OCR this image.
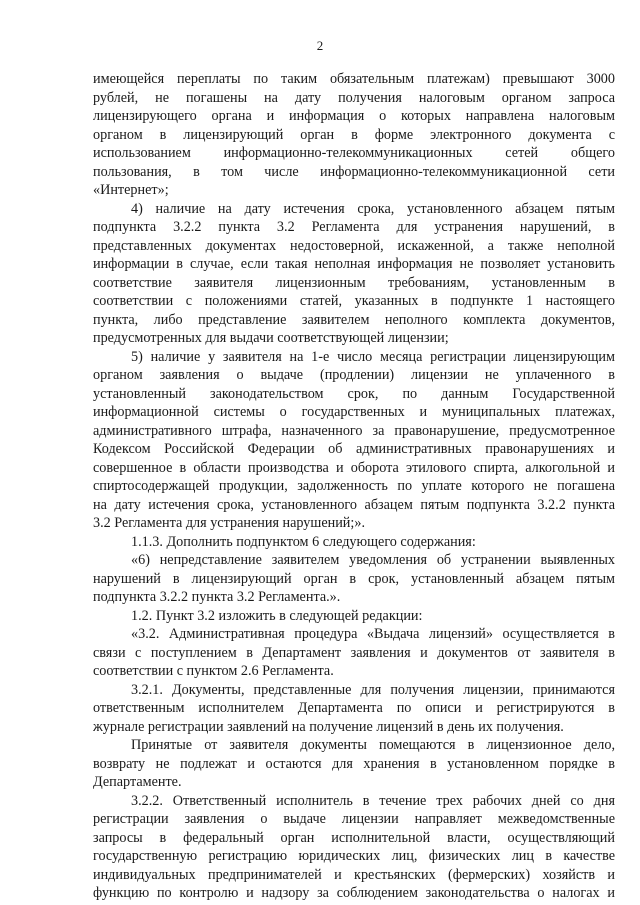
2
имеющейся переплаты по таким обязательным платежам) превышают 3000
рублей, не погашены на дату получения налоговым органом запроса
лицензирующего органа и информация о которых направлена налоговым
органом в лицензирующий орган в форме электронного документа с
использованием информационно-телекоммуникационных сетей общего
пользования, в том числе информационно-телекоммуникационной сети
«Интернет»;
4) наличие на дату истечения срока, установленного абзацем пятым
подпункта 3.2.2 пункта 3.2 Регламента для устранения нарушений, в
представленных документах недостоверной, искаженной, а также неполной
информации в случае, если такая неполная информация не позволяет установить
соответствие заявителя лицензионным требованиям, установленным в
соответствии с положениями статей, указанных в подпункте 1 настоящего
пункта, либо представление заявителем неполного комплекта документов,
предусмотренных для выдачи соответствующей лицензии;
5) наличие у заявителя на 1-е число месяца регистрации лицензирующим
органом заявления о выдаче (продлении) лицензии не уплаченного в
установленный законодательством срок, по данным Государственной
информационной системы о государственных и муниципальных платежах,
административного штрафа, назначенного за правонарушение, предусмотренное
Кодексом Российской Федерации об административных правонарушениях и
совершенное в области производства и оборота этилового спирта, алкогольной и
спиртосодержащей продукции, задолженность по уплате которого не погашена
на дату истечения срока, установленного абзацем пятым подпункта 3.2.2 пункта
3.2 Регламента для устранения нарушений;».
1.1.3. Дополнить подпунктом 6 следующего содержания:
«6) непредставление заявителем уведомления об устранении выявленных
нарушений в лицензирующий орган в срок, установленный абзацем пятым
подпункта 3.2.2 пункта 3.2 Регламента.».
1.2. Пункт 3.2 изложить в следующей редакции:
«3.2. Административная процедура «Выдача лицензий» осуществляется в
связи с поступлением в Департамент заявления и документов от заявителя в
соответствии с пунктом 2.6 Регламента.
3.2.1. Документы, представленные для получения лицензии, принимаются
ответственным исполнителем Департамента по описи и регистрируются в
журнале регистрации заявлений на получение лицензий в день их получения.
Принятые от заявителя документы помещаются в лицензионное дело,
возврату не подлежат и остаются для хранения в установленном порядке в
Департаменте.
3.2.2. Ответственный исполнитель в течение трех рабочих дней со дня
регистрации заявления о выдаче лицензии направляет межведомственные
запросы в федеральный орган исполнительной власти, осуществляющий
государственную регистрацию юридических лиц, физических лиц в качестве
индивидуальных предпринимателей и крестьянских (фермерских) хозяйств и
функцию по контролю и надзору за соблюдением законодательства о налогах и
